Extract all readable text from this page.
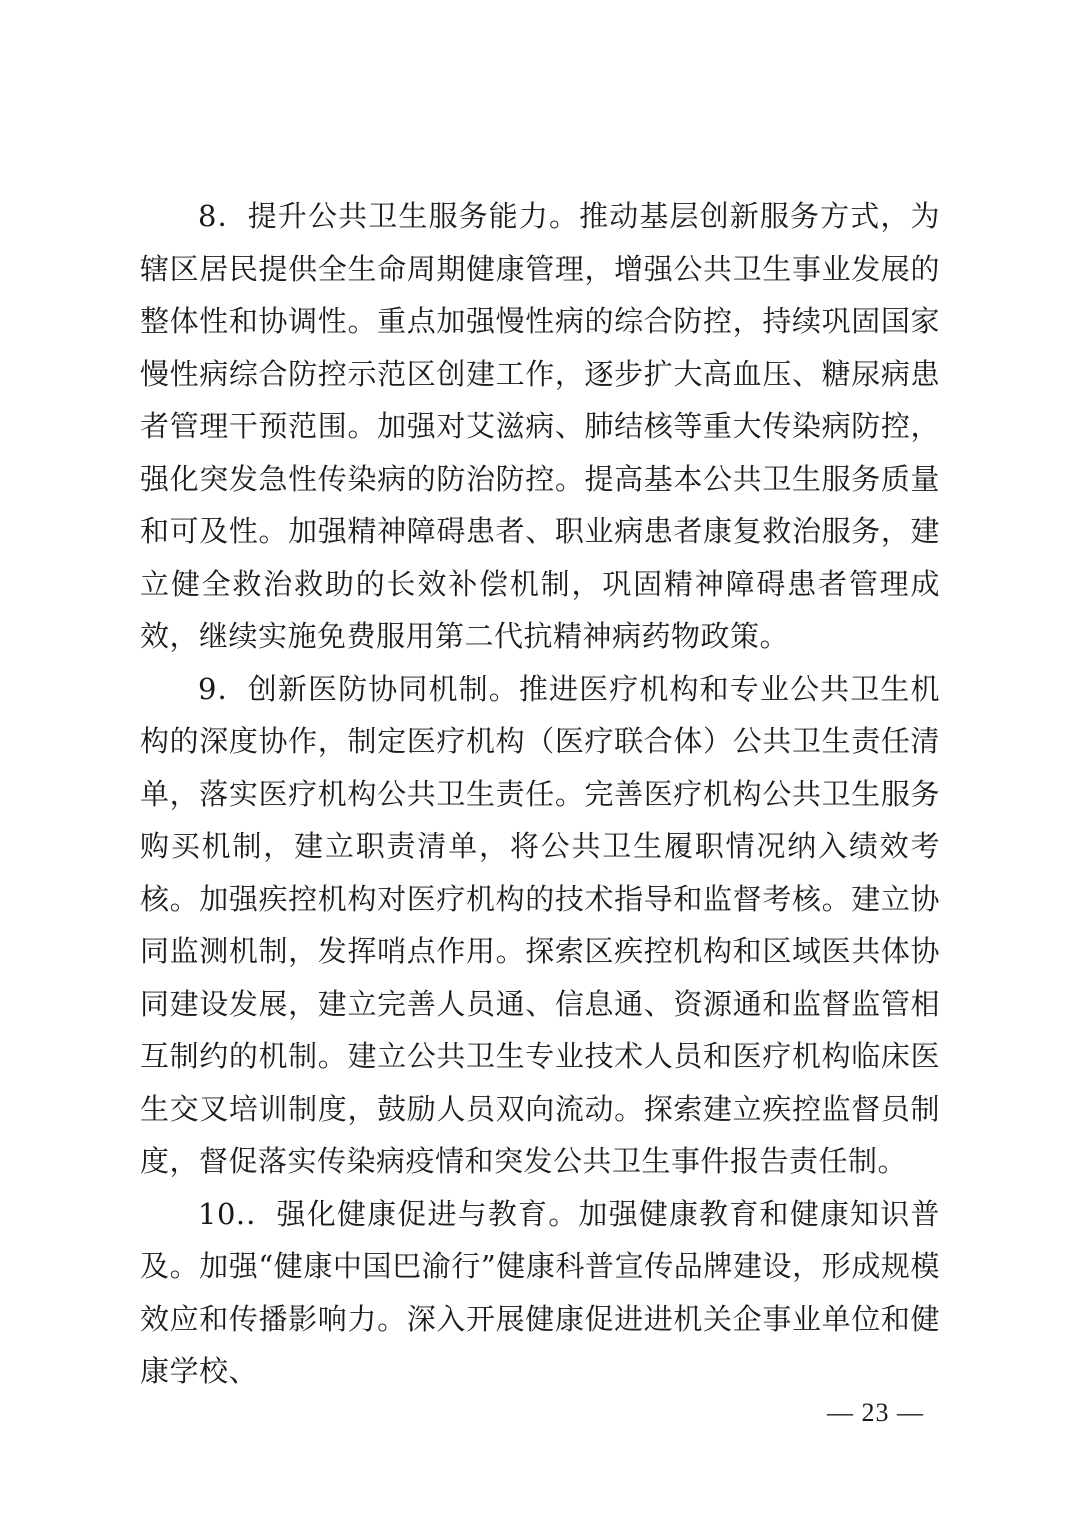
8．提升公共卫生服务能力。推动基层创新服务方式，为辖区居民提供全生命周期健康管理，增强公共卫生事业发展的整体性和协调性。重点加强慢性病的综合防控，持续巩固国家慢性病综合防控示范区创建工作，逐步扩大高血压、糖尿病患者管理干预范围。加强对艾滋病、肺结核等重大传染病防控，强化突发急性传染病的防治防控。提高基本公共卫生服务质量和可及性。加强精神障碍患者、职业病患者康复救治服务，建立健全救治救助的长效补偿机制，巩固精神障碍患者管理成效，继续实施免费服用第二代抗精神病药物政策。

9．创新医防协同机制。推进医疗机构和专业公共卫生机构的深度协作，制定医疗机构（医疗联合体）公共卫生责任清单，落实医疗机构公共卫生责任。完善医疗机构公共卫生服务购买机制，建立职责清单，将公共卫生履职情况纳入绩效考核。加强疾控机构对医疗机构的技术指导和监督考核。建立协同监测机制，发挥哨点作用。探索区疾控机构和区域医共体协同建设发展，建立完善人员通、信息通、资源通和监督监管相互制约的机制。建立公共卫生专业技术人员和医疗机构临床医生交叉培训制度，鼓励人员双向流动。探索建立疾控监督员制度，督促落实传染病疫情和突发公共卫生事件报告责任制。

10.．强化健康促进与教育。加强健康教育和健康知识普及。加强“健康中国巴渝行”健康科普宣传品牌建设，形成规模效应和传播影响力。深入开展健康促进进机关企事业单位和健康学校、

— 23 —
